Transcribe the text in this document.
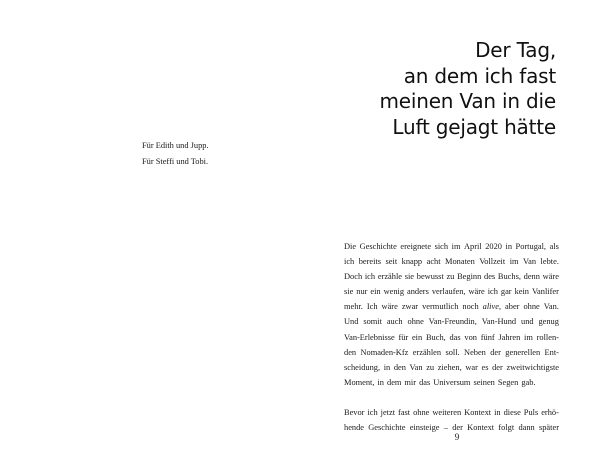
Für Edith und Jupp.
Für Steffi und Tobi.
Der Tag,
an dem ich fast
meinen Van in die
Luft gejagt hätte
Die Geschichte ereignete sich im April 2020 in Portugal, als
ich bereits seit knapp acht Monaten Vollzeit im Van lebte.
Doch ich erzähle sie bewusst zu Beginn des Buchs, denn wäre
sie nur ein wenig anders verlaufen, wäre ich gar kein Vanlifer
mehr. Ich wäre zwar vermutlich noch alive, aber ohne Van.
Und somit auch ohne Van-Freundin, Van-Hund und genug
Van-Erlebnisse für ein Buch, das von fünf Jahren im rollen-
den Nomaden-Kfz erzählen soll. Neben der generellen Ent-
scheidung, in den Van zu ziehen, war es der zweitwichtigste
Moment, in dem mir das Universum seinen Segen gab.
Bevor ich jetzt fast ohne weiteren Kontext in diese Puls erhö-
hende Geschichte einsteige – der Kontext folgt dann später
9
